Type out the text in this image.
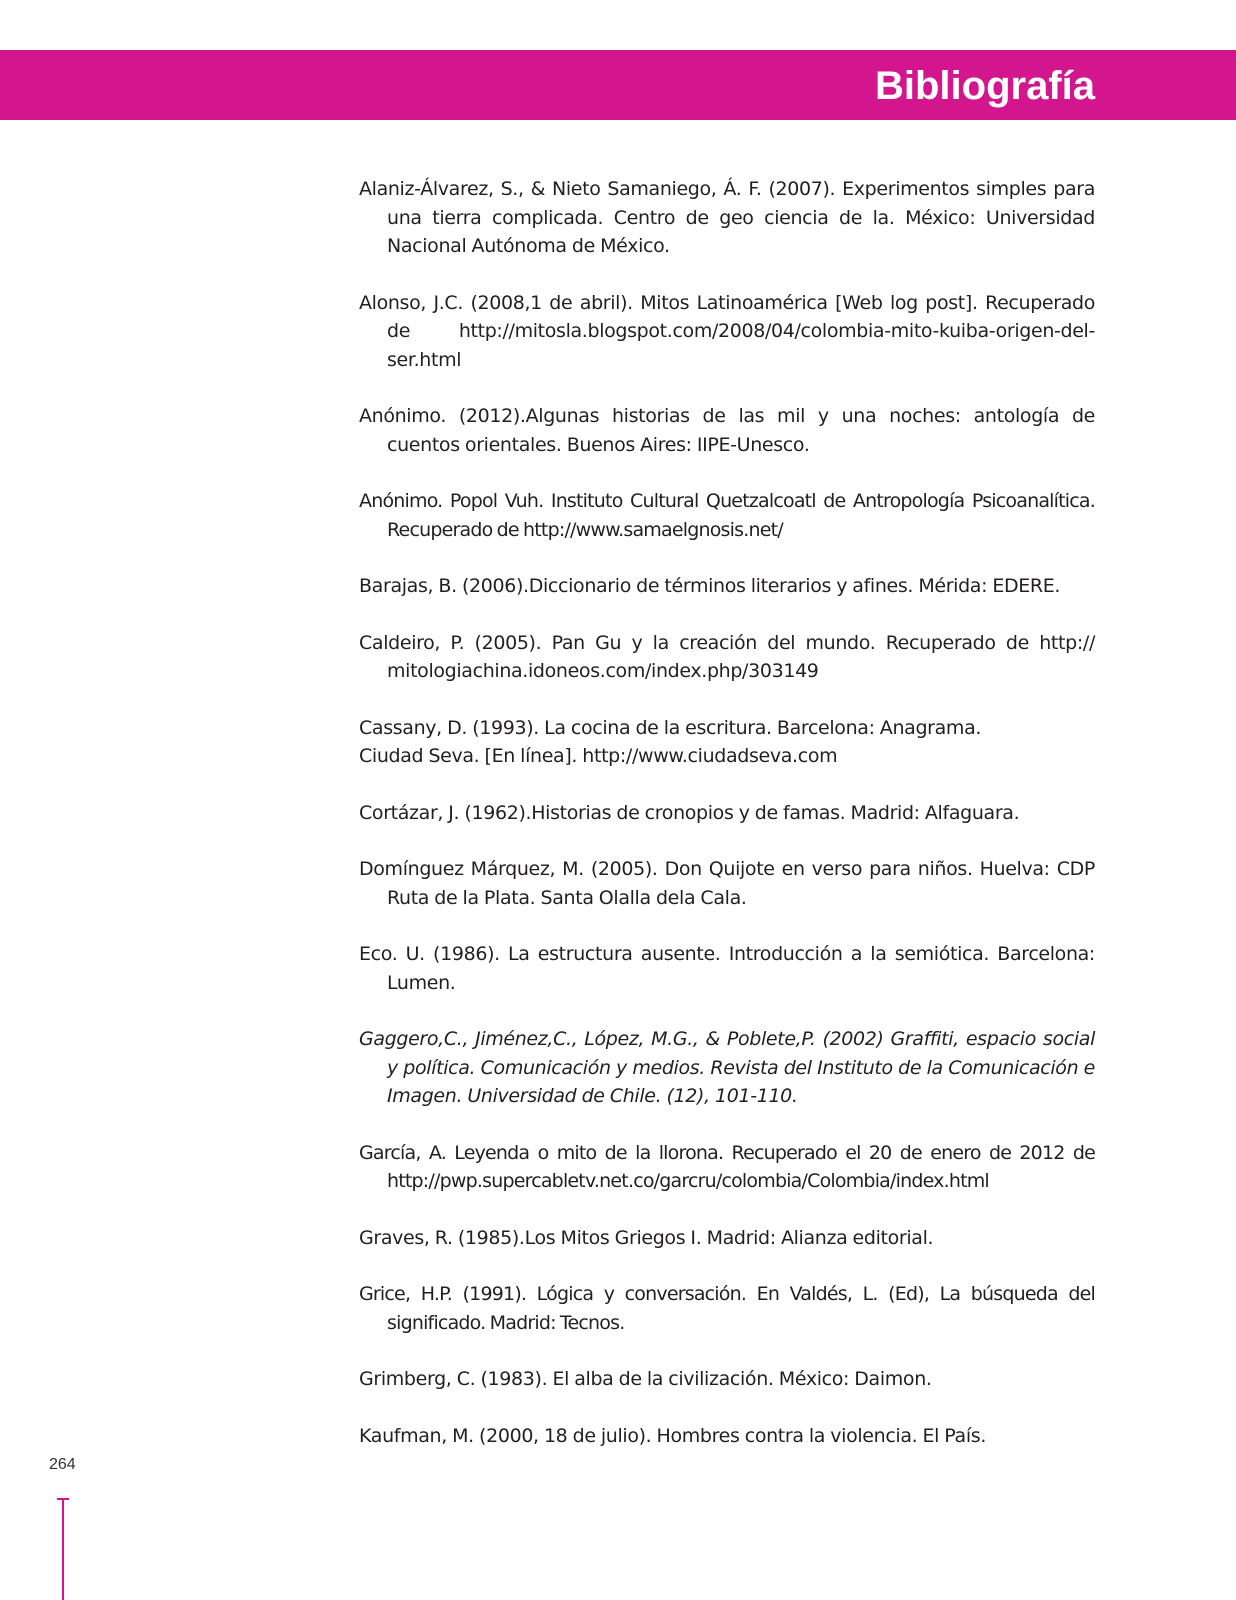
Bibliografía
Alaniz-Álvarez, S., & Nieto Samaniego, Á. F. (2007). Experimentos simples para una tierra complicada. Centro de geo ciencia de la. México: Universidad Nacional Autónoma de México.
Alonso, J.C. (2008,1 de abril). Mitos Latinoamérica [Web log post]. Recuperado de http://mitosla.blogspot.com/2008/04/colombia-mito-kuiba-origen-del-ser.html
Anónimo. (2012).Algunas historias de las mil y una noches: antología de cuentos orientales. Buenos Aires: IIPE-Unesco.
Anónimo. Popol Vuh. Instituto Cultural Quetzalcoatl de Antropología Psicoanalítica. Recuperado de http://www.samaelgnosis.net/
Barajas, B. (2006).Diccionario de términos literarios y afines. Mérida: EDERE.
Caldeiro, P. (2005). Pan Gu y la creación del mundo. Recuperado de http:// mitologiachina.idoneos.com/index.php/303149
Cassany, D. (1993). La cocina de la escritura. Barcelona: Anagrama.
Ciudad Seva. [En línea]. http://www.ciudadseva.com
Cortázar, J. (1962).Historias de cronopios y de famas. Madrid: Alfaguara.
Domínguez Márquez, M. (2005). Don Quijote en verso para niños. Huelva: CDP Ruta de la Plata. Santa Olalla dela Cala.
Eco. U. (1986). La estructura ausente. Introducción a la semiótica. Barcelona: Lumen.
Gaggero,C., Jiménez,C., López, M.G., & Poblete,P. (2002) Graffiti, espacio social y política. Comunicación y medios. Revista del Instituto de la Comunicación e Imagen. Universidad de Chile. (12), 101-110.
García, A. Leyenda o mito de la llorona. Recuperado el 20 de enero de 2012 de http://pwp.supercabletv.net.co/garcru/colombia/Colombia/index.html
Graves, R. (1985).Los Mitos Griegos I. Madrid: Alianza editorial.
Grice, H.P. (1991). Lógica y conversación. En Valdés, L. (Ed), La búsqueda del significado. Madrid: Tecnos.
Grimberg, C. (1983). El alba de la civilización. México: Daimon.
Kaufman, M. (2000, 18 de julio). Hombres contra la violencia. El País.
264
